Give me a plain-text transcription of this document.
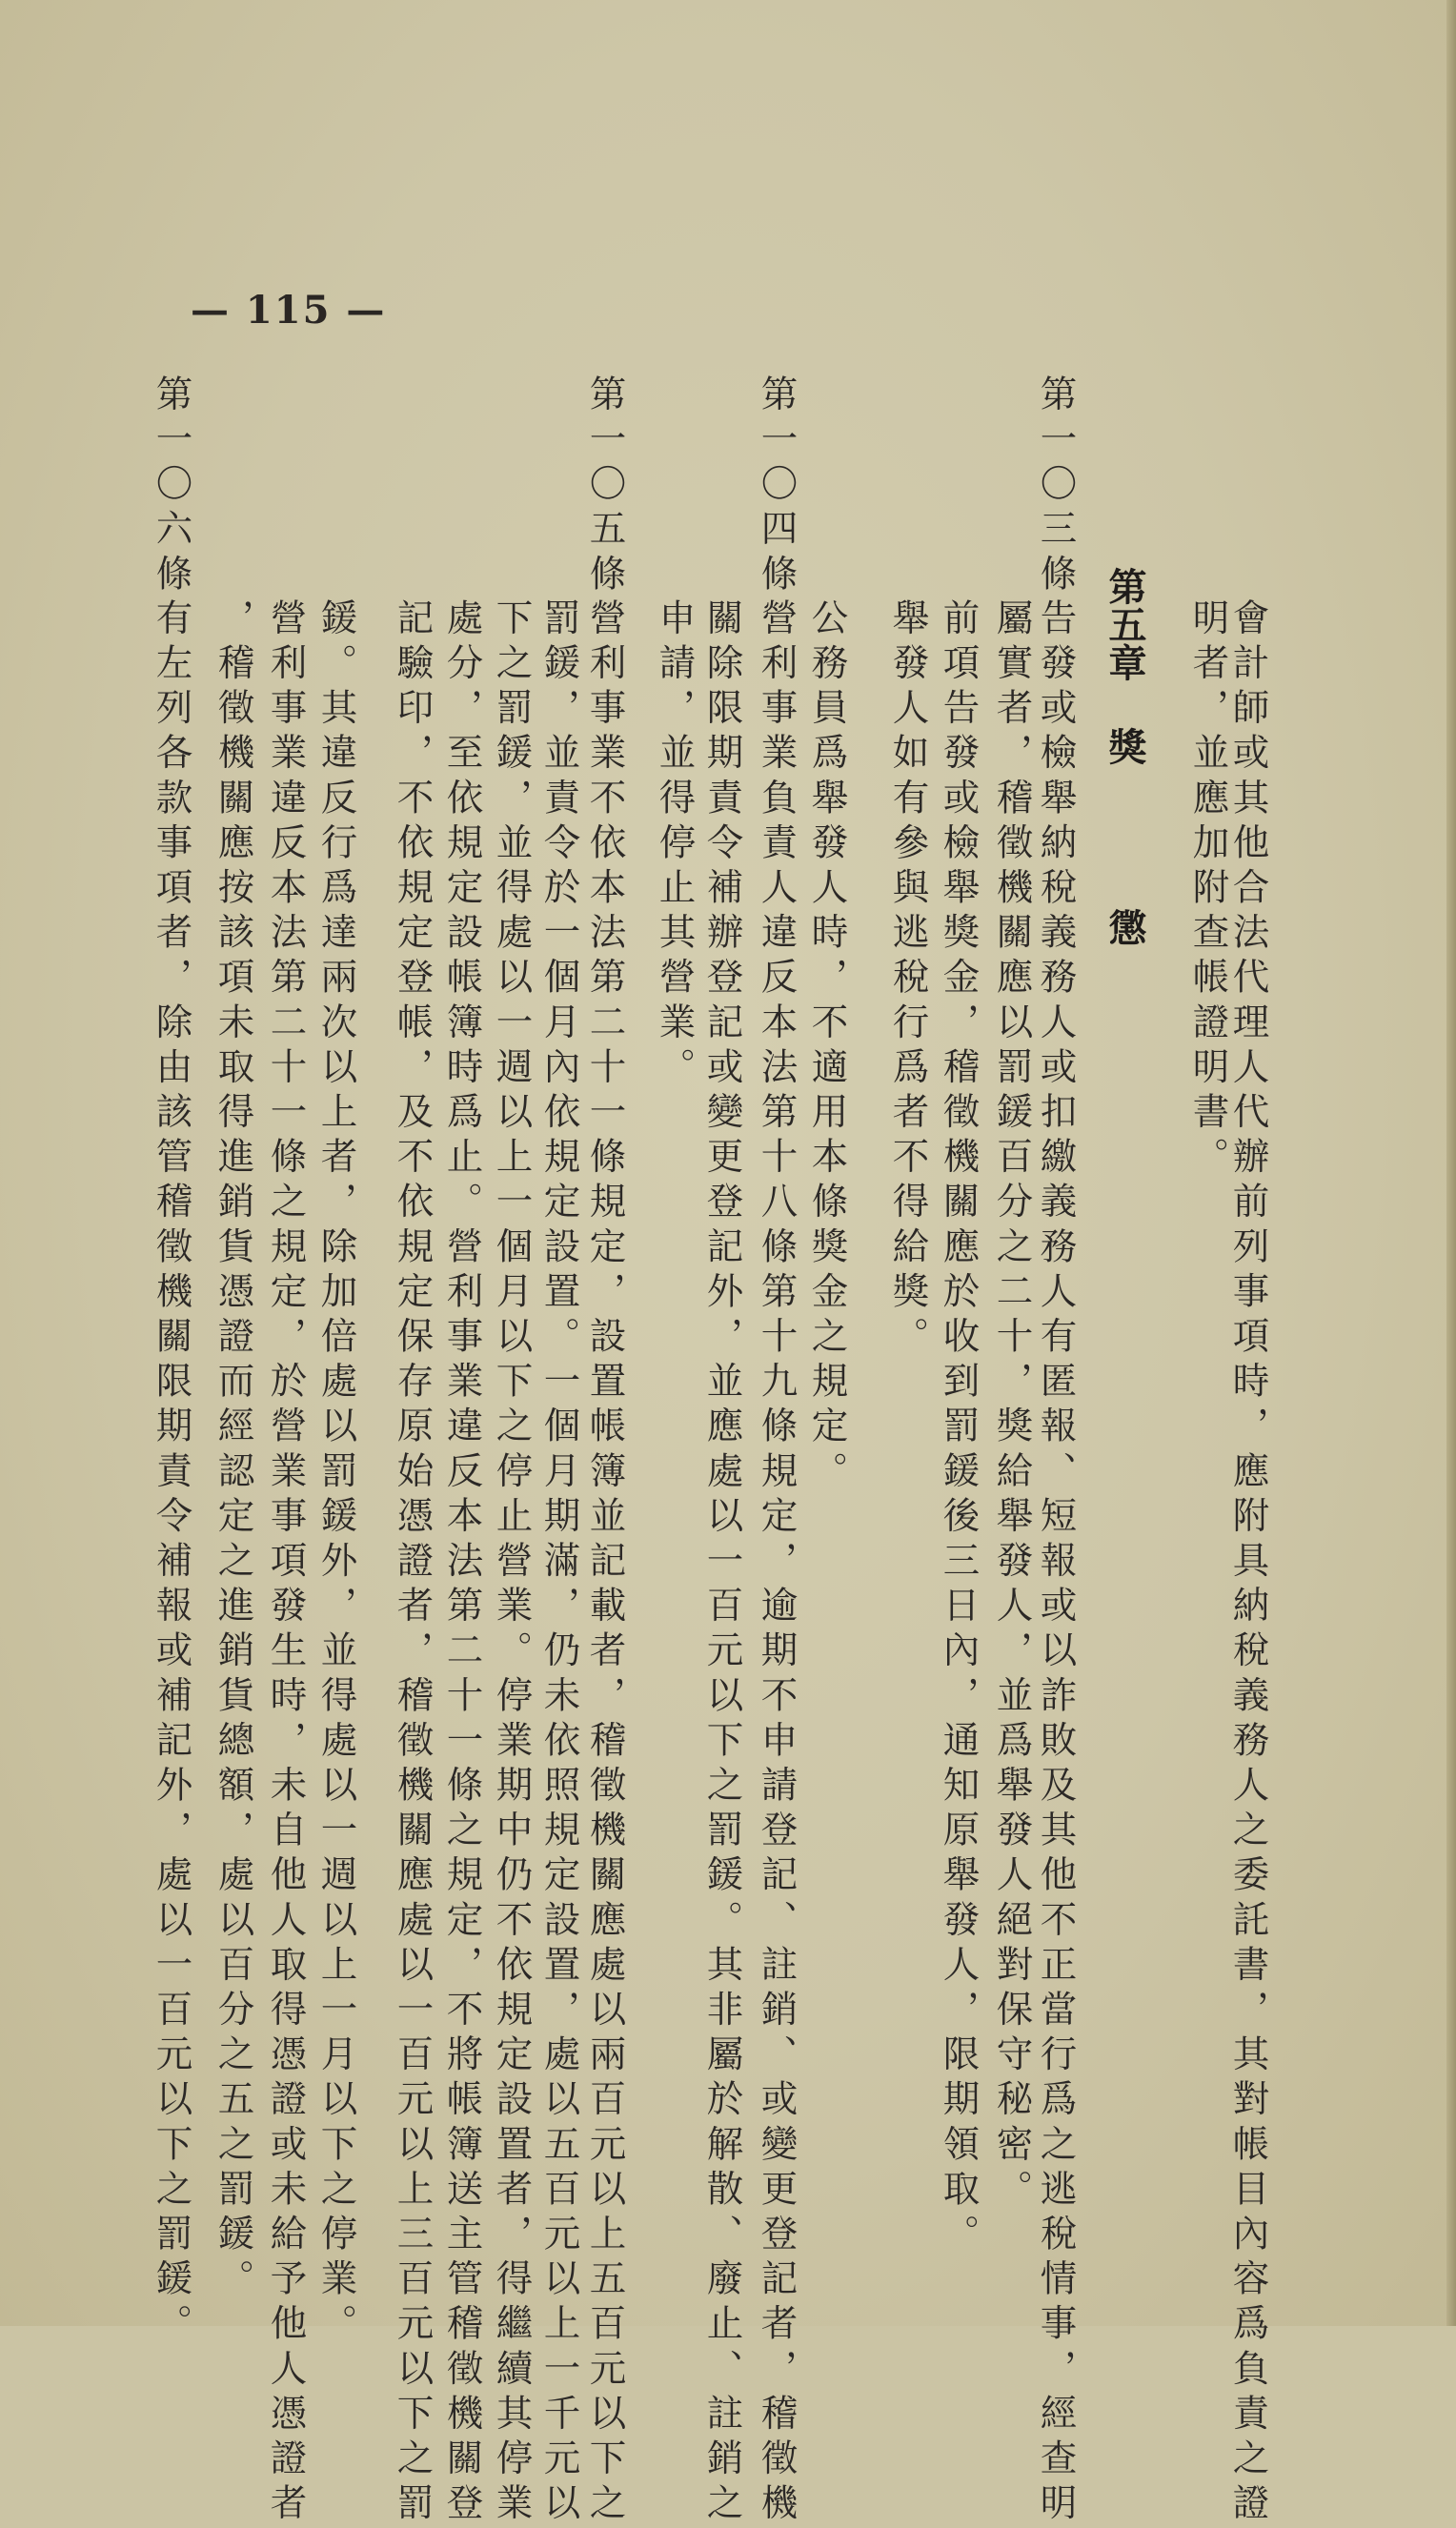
— 115 —
會計師或其他合法代理人代辦前列事項時，應附具納稅義務人之委託書，其對帳目內容爲負責之證
明者，並應加附查帳證明書。
第五章獎懲
第一〇三條
告發或檢舉納稅義務人或扣繳義務人有匿報、短報或以詐敗及其他不正當行爲之逃稅情事，經查明
屬實者，稽徵機關應以罰鍰百分之二十，獎給舉發人，並爲舉發人絕對保守秘密。
前項告發或檢舉獎金，稽徵機關應於收到罰鍰後三日內，通知原舉發人，限期領取。
舉發人如有參與逃稅行爲者不得給獎。
公務員爲舉發人時，不適用本條獎金之規定。
第一〇四條
營利事業負責人違反本法第十八條第十九條規定，逾期不申請登記、註銷、或變更登記者，稽徵機
關除限期責令補辦登記或變更登記外，並應處以一百元以下之罰鍰。其非屬於解散、廢止、註銷之
申請，並得停止其營業。
第一〇五條
營利事業不依本法第二十一條規定，設置帳簿並記載者，稽徵機關應處以兩百元以上五百元以下之
罰鍰，並責令於一個月內依規定設置。一個月期滿，仍未依照規定設置，處以五百元以上一千元以
下之罰鍰，並得處以一週以上一個月以下之停止營業。停業期中仍不依規定設置者，得繼續其停業
處分，至依規定設帳簿時爲止。營利事業違反本法第二十一條之規定，不將帳簿送主管稽徵機關登
記驗印，不依規定登帳，及不依規定保存原始憑證者，稽徵機關應處以一百元以上三百元以下之罰
鍰。其違反行爲達兩次以上者，除加倍處以罰鍰外，並得處以一週以上一月以下之停業。
營利事業違反本法第二十一條之規定，於營業事項發生時，未自他人取得憑證或未給予他人憑證者
，稽徵機關應按該項未取得進銷貨憑證而經認定之進銷貨總額，處以百分之五之罰鍰。
第一〇六條
有左列各款事項者，除由該管稽徵機關限期責令補報或補記外，處以一百元以下之罰鍰。
